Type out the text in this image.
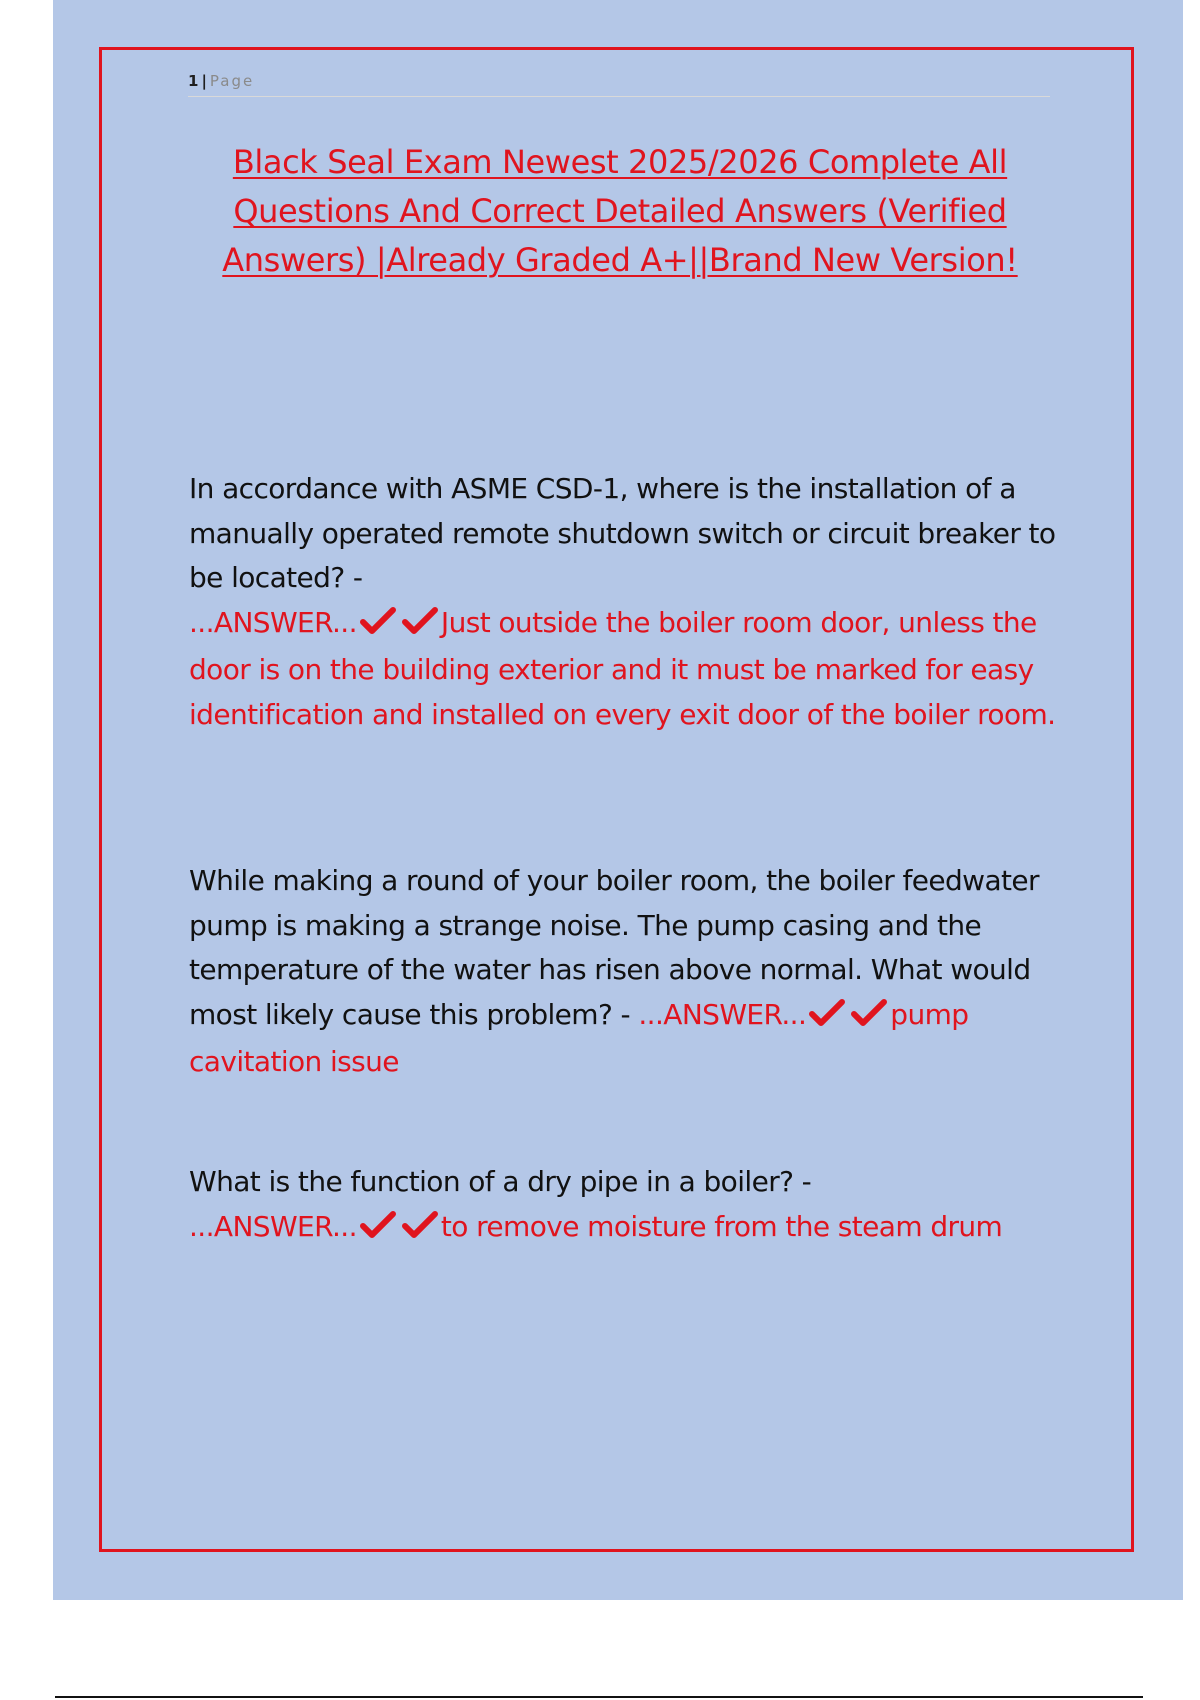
1 | Page
Black Seal Exam Newest 2025/2026 Complete All Questions And Correct Detailed Answers (Verified Answers) |Already Graded A+||Brand New Version!

In accordance with ASME CSD-1, where is the installation of a manually operated remote shutdown switch or circuit breaker to be located? -
...ANSWER...	Just outside the boiler room door, unless the door is on the building exterior and it must be marked for easy identification and installed on every exit door of the boiler room.

While making a round of your boiler room, the boiler feedwater pump is making a strange noise. The pump casing and the temperature of the water has risen above normal. What would most likely cause this problem? - ...ANSWER...	pump cavitation issue

What is the function of a dry pipe in a boiler? -
...ANSWER...	to remove moisture from the steam drum
